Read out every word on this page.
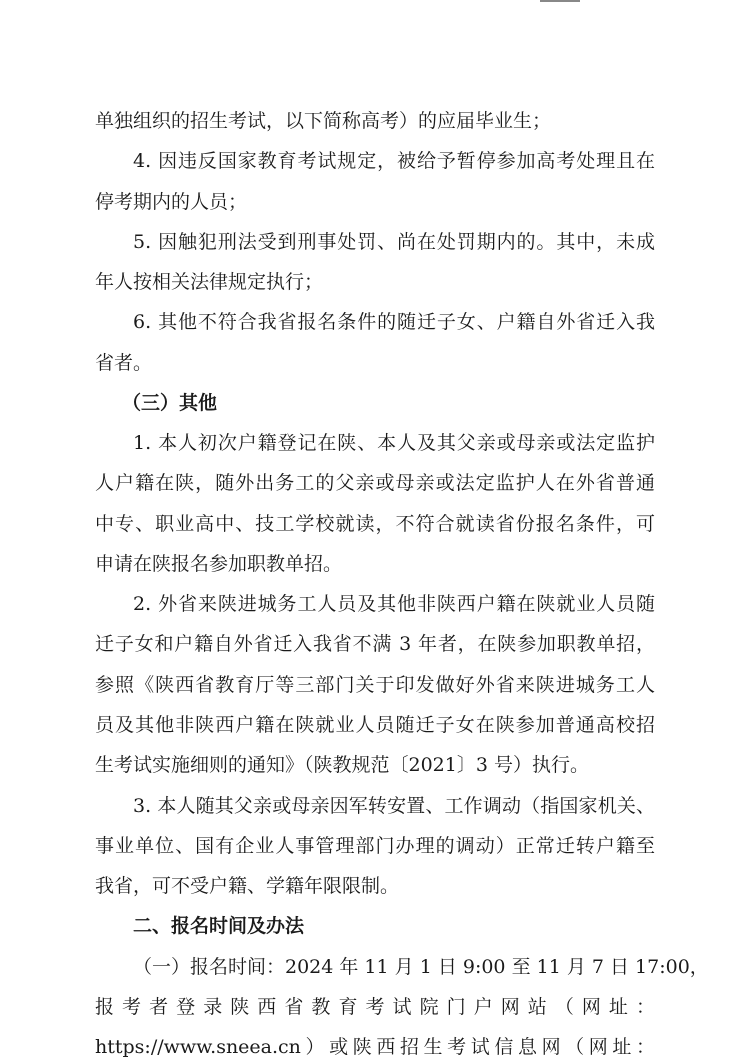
单独组织的招生考试，以下简称高考）的应届毕业生；
4. 因违反国家教育考试规定，被给予暂停参加高考处理且在
停考期内的人员；
5. 因触犯刑法受到刑事处罚、尚在处罚期内的。其中，未成
年人按相关法律规定执行；
6. 其他不符合我省报名条件的随迁子女、户籍自外省迁入我
省者。
（三）其他
1. 本人初次户籍登记在陕、本人及其父亲或母亲或法定监护
人户籍在陕，随外出务工的父亲或母亲或法定监护人在外省普通
中专、职业高中、技工学校就读，不符合就读省份报名条件，可
申请在陕报名参加职教单招。
2. 外省来陕进城务工人员及其他非陕西户籍在陕就业人员随
迁子女和户籍自外省迁入我省不满 3 年者，在陕参加职教单招，
参照《陕西省教育厅等三部门关于印发做好外省来陕进城务工人
员及其他非陕西户籍在陕就业人员随迁子女在陕参加普通高校招
生考试实施细则的通知》（陕教规范〔2021〕3 号）执行。
3. 本人随其父亲或母亲因军转安置、工作调动（指国家机关、
事业单位、国有企业人事管理部门办理的调动）正常迁转户籍至
我省，可不受户籍、学籍年限限制。
二、报名时间及办法
（一）报名时间：2024 年 11 月 1 日 9:00 至 11 月 7 日 17:00，
报考者登录陕西省教育考试院门户网站（网址：
https://www.sneea.cn）或陕西招生考试信息网（网址：
